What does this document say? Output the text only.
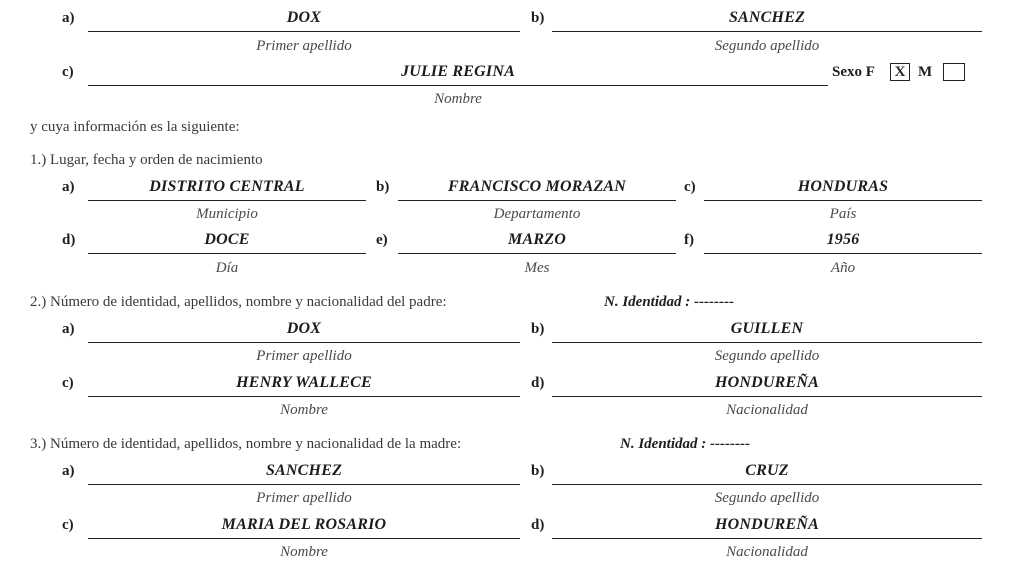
a)	DOX
Primer apellido
b)	SANCHEZ
Segundo apellido
c)	JULIE REGINA
Nombre
Sexo F	X M
y cuya información es la siguiente:
1.) Lugar, fecha y orden de nacimiento
a)	DISTRITO CENTRAL
Municipio
b)	FRANCISCO MORAZAN
Departamento
c)	HONDURAS
País
d)	DOCE
Día
e)	MARZO
Mes
f)	1956
Año
2.) Número de identidad, apellidos, nombre y nacionalidad del padre:	N. Identidad : --------
a)	DOX
Primer apellido
b)	GUILLEN
Segundo apellido
c)	HENRY WALLECE
Nombre
d)	HONDUREÑA
Nacionalidad
3.) Número de identidad, apellidos, nombre y nacionalidad de la madre:	N. Identidad : --------
a)	SANCHEZ
Primer apellido
b)	CRUZ
Segundo apellido
c)	MARIA DEL ROSARIO
Nombre
d)	HONDUREÑA
Nacionalidad
